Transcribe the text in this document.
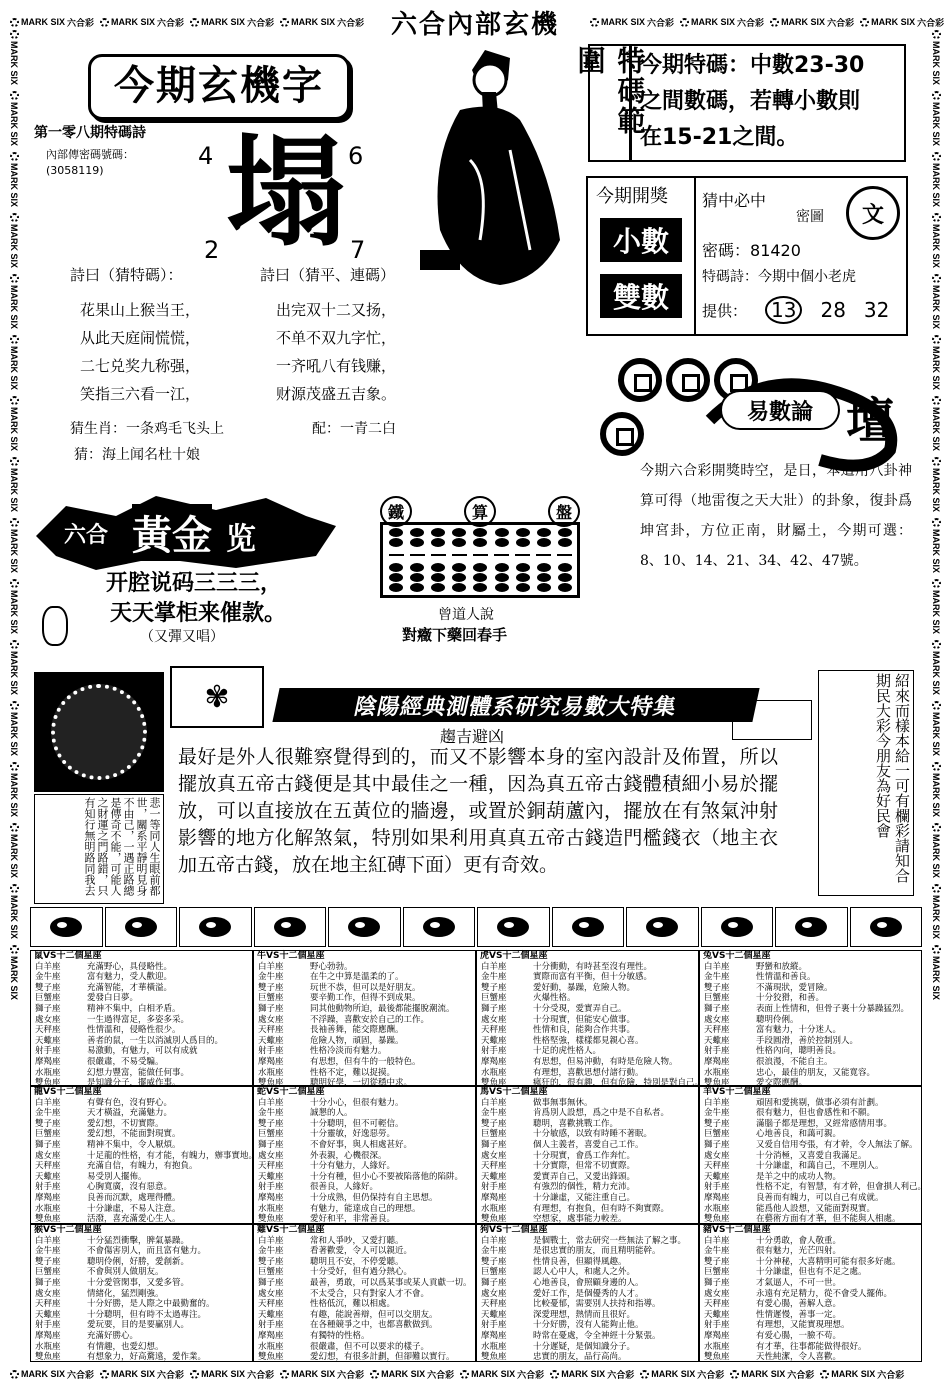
MARK SIX 六合彩 MARK SIX 六合彩 MARK SIX 六合彩 MARK SIX 六合彩	MARK SIX 六合彩 MARK SIX 六合彩 MARK SIX 六合彩 MARK SIX 六合彩
MARK SIX 六合彩 MARK SIX 六合彩 MARK SIX 六合彩 MARK SIX 六合彩 MARK SIX 六合彩 MARK SIX 六合彩 MARK SIX 六合彩 MARK SIX 六合彩 MARK SIX 六合彩 MARK SIX 六合彩
MARK SIX
MARK SIX
MARK SIX
MARK SIX
MARK SIX
MARK SIX
MARK SIX
MARK SIX
MARK SIX
MARK SIX
MARK SIX
MARK SIX
MARK SIX
MARK SIX
MARK SIX
MARK SIX
MARK SIX
MARK SIX
MARK SIX
MARK SIX
MARK SIX
MARK SIX
MARK SIX
MARK SIX
MARK SIX
MARK SIX
MARK SIX
MARK SIX
MARK SIX
MARK SIX
MARK SIX
MARK SIX
六合內部玄機
今期玄機字
第一零八期特碼詩
內部傳密碼號碼：
(3058119)
4	6
2	7
塌
詩曰（猜特碼）：	詩曰（猜平、連碼）
花果山上猴当王，
从此天庭闹慌慌，
二七兑奖九称强，
笑指三六看一江，
出完双十二又扬，
不单不双九字忙，
一齐吼八有钱赚，
财源茂盛五吉象。
猜生肖：一条鸡毛飞头上	配：一青二白
猜：海上闻名杜十娘
特碼範圍	今期特碼：中數23-30
之間數碼，若轉小數則
在15-21之間。
今期開獎
小數
雙數
猜中必中
密圖	文
密碼：81420
特碼詩：今期中個小老虎
提供：	13	28 32
易數論 壇
今期六合彩開獎時空，是日，本道用八卦神算可得（地雷復之天大壯）的卦象，復卦爲坤宮卦，方位正南，財屬土，今期可選：8、10、14、21、34、42、47號。
六合 黃金 览
开腔说码三三三，
天天掌柜来催款。
（又彈又唱）
鐵	算	盤
曾道人說
對癥下藥回春手
悲一等同人生眼前都世，關系平靜明見身不由己，一遇正路總是傳奇不能，可能人之財運之門路錯，只有知行無明路同我去
✾	陰陽經典測體系研究易數大特集
趨吉避凶
最好是外人很難察覺得到的，而又不影響本身的室內設計及佈置，所以擺放真五帝古錢便是其中最佳之一種，因為真五帝古錢體積細小易於擺放，可以直接放在五黃位的牆邊，或置於銅葫蘆內，擺放在有煞氣沖射影響的地方化解煞氣，特別如果利用真真五帝古錢造門檻錢衣（地主衣加五帝古錢，放在地主紅磚下面）更有奇效。	紹來而樣本給一可有欄彩請知合期民大彩今朋友為好民會
鼠VS十二個星座
白羊座	充滿野心，具侵略性。
金牛座	富有魅力，受人歡迎。
雙子座	充滿智能，才華橫溢。
巨蟹座	愛發白日夢。
獅子座	精神不集中，白相矛盾。
處女座	一生過得富足，多姿多采。
天秤座	性情溫和，侵略性很少。
天蠍座	善者的鼠，一生以消滅別人爲目的。
射手座	易激動，有魅力，可以有成就
摩羯座	很嚴肅，不易受騙。
水瓶座	幻想力豐富，能做任何事。
雙魚座	是知識分子，擺威作事。
牛VS十二個星座
白羊座	野心勃勃。
金牛座	在牛之中算是溫柔的了。
雙子座	玩世不恭，但可以是好朋友。
巨蟹座	要辛勤工作，但得不到成果。
獅子座	同其他動物所迫，最後都能擺脫潮流。
處女座	不浮躁，喜歡安於自己的工作。
天秤座	長袖善舞，能交際應酬。
天蠍座	危險人物，頑固，暴躁。
射手座	性格冷淡而有魅力。
摩羯座	有思想，但有牛的一般特色。
水瓶座	性格不定，難以捉摸。
雙魚座	聰明好學，一切從穩中求。
虎VS十二個星座
白羊座	十分衝動，有時甚至沒有理性。
金牛座	實際而富有平衡，但十分敏感。
雙子座	愛好動，暴躁，危險人物。
巨蟹座	火爆性格。
獅子座	十分受現，愛實弄自己。
處女座	十分現實，但能安心做事。
天秤座	性情和良，能夠合作共事。
天蠍座	性格堅強，樣樣都見親心喜。
射手座	十足的虎性格人。
摩羯座	有思想，但易沖動，有時是危險人物。
水瓶座	有理想，喜歡思想付諸行動。
雙魚座	瘋狂的，很有趣，但有危險，特別是對自己。
兔VS十二個星座
白羊座	野蠻和放縱。
金牛座	性情溫和善良。
雙子座	不滿現狀，愛冒險。
巨蟹座	十分狡猾，和善。
獅子座	表面上性情和，但骨子裏十分暴躁猛烈。
處女座	聰明伶俐。
天秤座	富有魅力，十分迷人。
天蠍座	手段圓滑，善於控制別人。
射手座	性格內向，聰明善良。
摩羯座	很浪漫，不能自主。
水瓶座	忠心，最佳的朋友，又能寬容。
雙魚座	愛交際應酬。
龍VS十二個星座
白羊座	有聲有色，沒有野心。
金牛座	天才橫溢，充滿魅力。
雙子座	愛幻想，不切實際。
巨蟹座	愛幻想，不能面對現實。
獅子座	精神不集中，令人厭煩。
處女座	十足龍的性格，有才能，有魄力，辦事實地。
天秤座	充滿自信，有魄力，有抱負。
天蠍座	易受別人擺佈。
射手座	心胸寬廣，沒有惡意。
摩羯座	良善而沉默，處理得體。
水瓶座	十分謙虛，不易人注意。
雙魚座	活潑，喜充滿愛心生人。
蛇VS十二個星座
白羊座	十分小心，但很有魅力。
金牛座	誠懇的人。
雙子座	十分聰明，但不可輕信。
巨蟹座	十分靈敏，好逸惡勞。
獅子座	不會好事，與人相處甚好。
處女座	外表親，心機很深。
天秤座	十分有魅力，人緣好。
天蠍座	十分有種，但小心不要被陷落他的陷阱。
射手座	很善良，人緣好。
摩羯座	十分成熟，但仍保持有自主思想。
水瓶座	有魅力，能達成自己的理想。
雙魚座	愛好和平，非常善良。
馬VS十二個星座
白羊座	做事無事無休。
金牛座	肯爲別人設想，爲之中是不自私者。
雙子座	聰明，喜歡挑戰工作。
巨蟹座	十分敏感，以致有時睡不著眠。
獅子座	個人主義者，喜愛自己工作。
處女座	十分現實，會爲工作奔忙。
天秤座	十分實際，但常不切實際。
天蠍座	愛實弄自己，又愛出鋒頭。
射手座	有強烈的個性，精力充沛。
摩羯座	十分謙虛，又能注重自己。
水瓶座	有理想，有抱負，但有時不夠實際。
雙魚座	空想家，處事能力較差。
羊VS十二個星座
白羊座	頑固和愛挑剔，做事必須有計劃。
金牛座	很有魅力，但也會感性和不願。
雙子座	滿腦子都是理想，又經常感情用事。
巨蟹座	心地善良，和藹可親。
獅子座	又爱自信用夸張，有才幹，令人無法了解。
處女座	十分消極，又喜愛自我滿足。
天秤座	十分謙虛，和藹自己，不理別人。
天蠍座	是羊之中的成功人物。
射手座	性格不定，有智慧，有才幹，但會損人利己。
摩羯座	良善而有魄力，可以自己有成就。
水瓶座	能爲他人設想，又能面對現實。
雙魚座	在藝術方面有才華，但不能與人相處。
猴VS十二個星座
白羊座	十分猛烈衝擊，脾氣暴躁。
金牛座	不會傷害別人，而且富有魅力。
雙子座	聰明伶俐，好勝，愛創新。
巨蟹座	不會與別人做朋友。
獅子座	十分愛管閑事，又愛多管。
處女座	情緒化，猛烈剛強。
天秤座	十分好勝，是人際之中最勤奮的。
天蠍座	十分聰明，但有時不太過專注。
射手座	愛玩要，目的是要贏別人。
摩羯座	充滿好勝心。
水瓶座	有情趣，也愛幻想。
雙魚座	有想象力，好高騖遠，愛作業。
雞VS十二個星座
白羊座	常和人爭吵，又愛打聽。
金牛座	看著歡愛，令人可以親近。
雙子座	聰明且不安，不停愛聽。
巨蟹座	十分受好，但有過分熱心。
獅子座	最善，勇敢，可以爲某事或某人貢獻一切。
處女座	不太受合，只有對家人才不會。
天秤座	性格低沉，難以相處。
天蠍座	有趣，能說善辯，但可以交朋友。
射手座	在各種競爭之中，也都喜歡做到。
摩羯座	有獨特的性格。
水瓶座	很嚴肅，但不可以要求的樣子。
雙魚座	愛幻想，有很多計劃，但卻難以實行。
狗VS十二個星座
白羊座	是個戰士，常去研究一些無法了解之事。
金牛座	是很忠實的朋友，而且精明能幹。
雙子座	性情良善，但顯得風趣。
巨蟹座	認人心中人，和處人之外。
獅子座	心地善良，會照顧身邊的人。
處女座	愛好工作，是個優秀的人才。
天秤座	比較憂郁，需要別人扶持和指導。
天蠍座	深愛理想，熱情而且很好。
射手座	十分好勝，沒有人能夠止他。
摩羯座	時常在憂處，令全神經十分緊張。
水瓶座	十分遲疑，是個知識分子。
雙魚座	忠實的朋友，品行高尚。
豬VS十二個星座
白羊座	十分勇敢，會人敬重。
金牛座	很有魅力，光芒四射。
雙子座	十分神秘，大喜精明可能有很多好處。
巨蟹座	十分謙虛，但也有不足之處。
獅子座	才氣逼人，不可一世。
處女座	永遠有充足精力，從不會受人擺佈。
天秤座	有愛心腸，善解人意。
天蠍座	性情遲慢，善事一定。
射手座	有理想，又能實現理想。
摩羯座	有爱心腸，一臉不苟。
水瓶座	有才華，往事都能做得很好。
雙魚座	天性純潔，令人喜歡。
